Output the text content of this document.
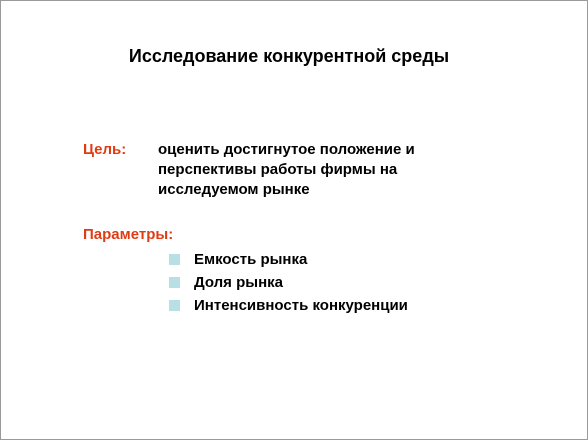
Исследование конкурентной среды
Цель: оценить достигнутое положение и
перспективы работы фирмы на
исследуемом рынке
Параметры:
Емкость рынка
Доля рынка
Интенсивность конкуренции
